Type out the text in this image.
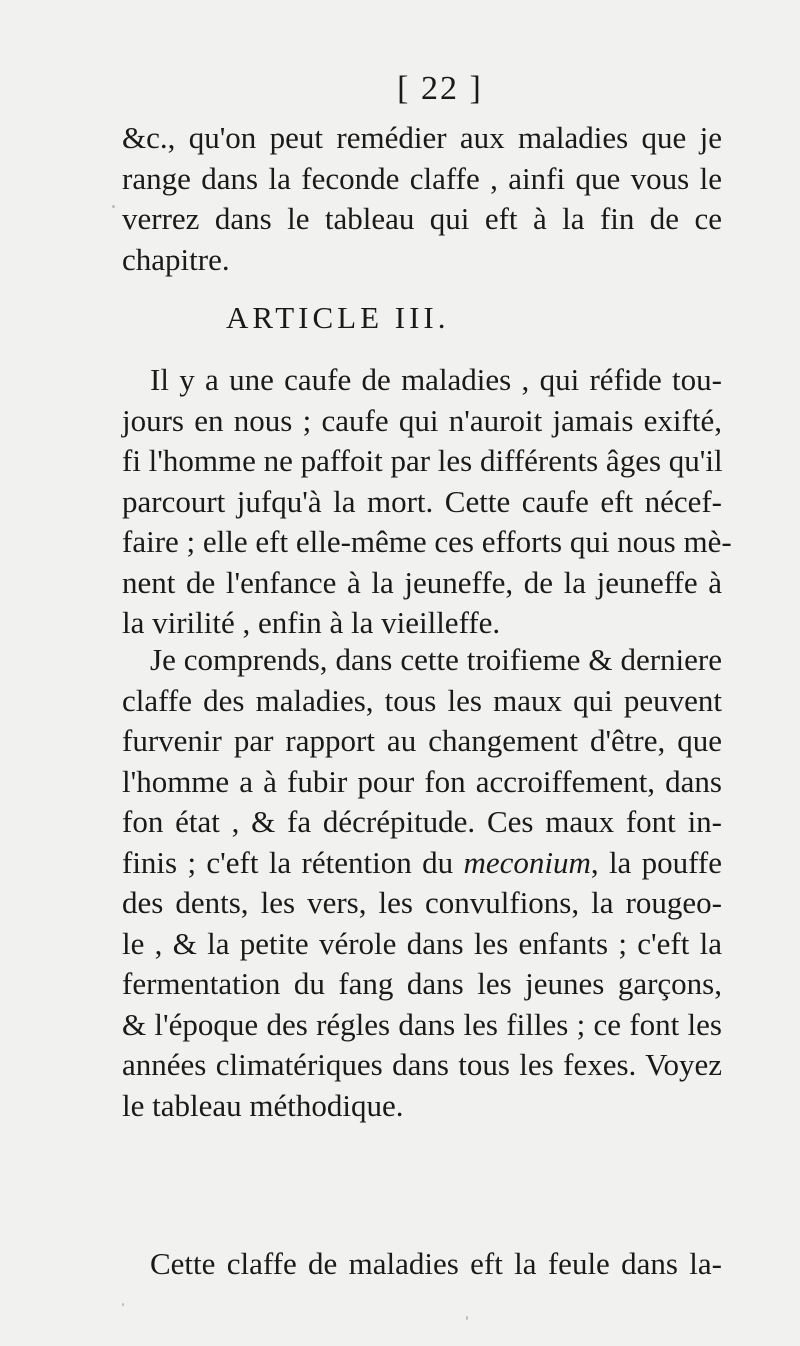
[ 22 ]
&c., qu'on peut remédier aux maladies que je
range dans la feconde claffe , ainfi que vous le
verrez dans le tableau qui eft à la fin de ce
chapitre.
ARTICLE III.
Il y a une caufe de maladies , qui réfide tou-
jours en nous ; caufe qui n'auroit jamais exifté,
fi l'homme ne paffoit par les différents âges qu'il
parcourt jufqu'à la mort. Cette caufe eft nécef-
faire ; elle eft elle-même ces efforts qui nous mè-
nent de l'enfance à la jeuneffe, de la jeuneffe à
la virilité , enfin à la vieilleffe.
Je comprends, dans cette troifieme & derniere
claffe des maladies, tous les maux qui peuvent
furvenir par rapport au changement d'être, que
l'homme a à fubir pour fon accroiffement, dans
fon état , & fa décrépitude. Ces maux font in-
finis ; c'eft la rétention du meconium, la pouffe
des dents, les vers, les convulfions, la rougeo-
le , & la petite vérole dans les enfants ; c'eft la
fermentation du fang dans les jeunes garçons,
& l'époque des régles dans les filles ; ce font les
années climatériques dans tous les fexes. Voyez
le tableau méthodique.
Cette claffe de maladies eft la feule dans la-
